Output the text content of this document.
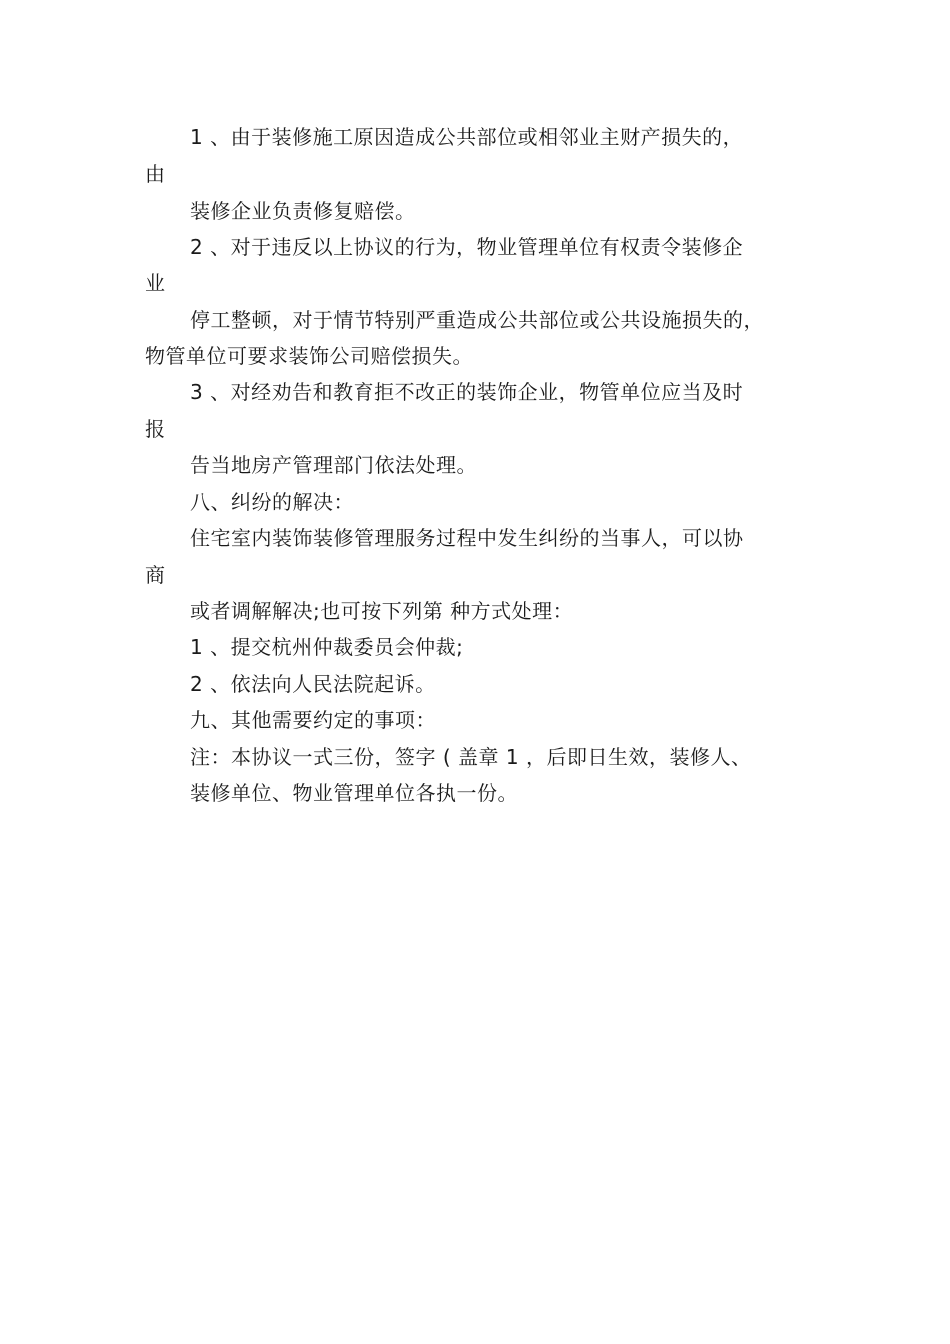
1 、由于装修施工原因造成公共部位或相邻业主财产损失的，
由
装修企业负责修复赔偿。
2 、对于违反以上协议的行为，物业管理单位有权责令装修企
业
停工整顿，对于情节特别严重造成公共部位或公共设施损失的，
物管单位可要求装饰公司赔偿损失。
3 、对经劝告和教育拒不改正的装饰企业，物管单位应当及时
报
告当地房产管理部门依法处理。
八、纠纷的解决：
住宅室内装饰装修管理服务过程中发生纠纷的当事人，可以协
商
或者调解解决;也可按下列第 种方式处理：
1 、提交杭州仲裁委员会仲裁;
2 、依法向人民法院起诉。
九、其他需要约定的事项：
注：本协议一式三份，签字 ( 盖章 1 ，后即日生效，装修人、
装修单位、物业管理单位各执一份。
